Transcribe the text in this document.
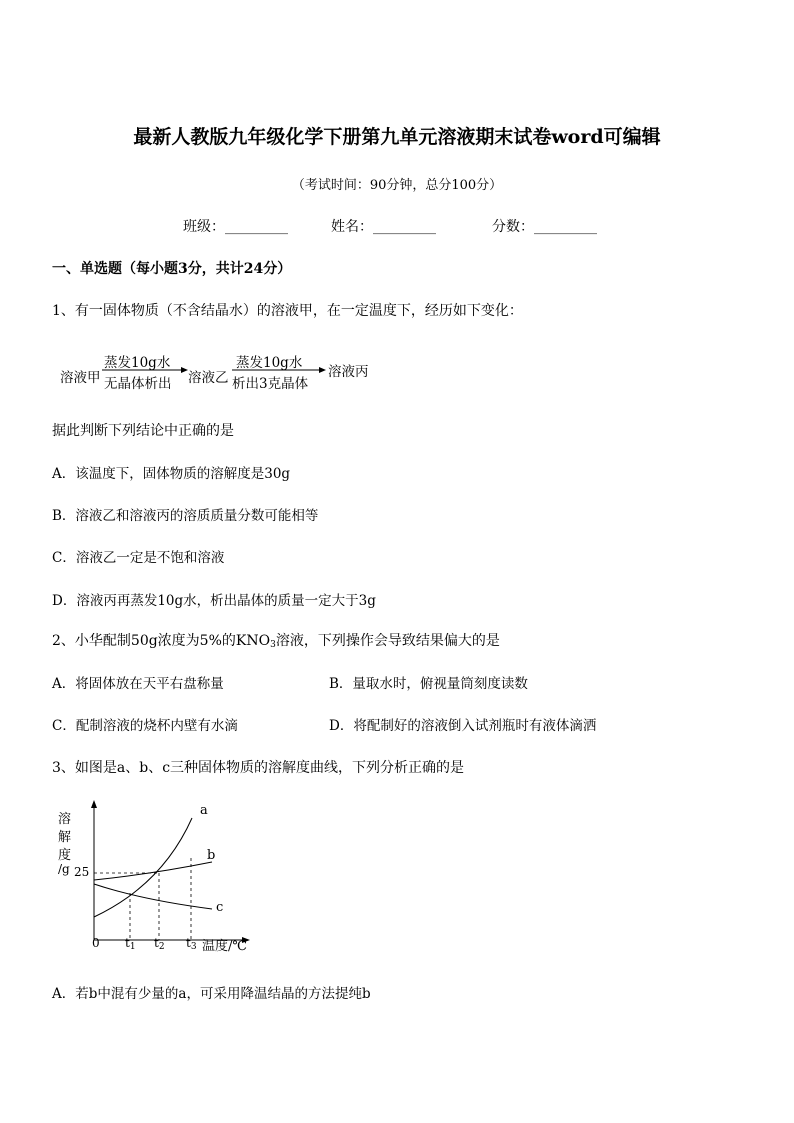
最新人教版九年级化学下册第九单元溶液期末试卷word可编辑
（考试时间：90分钟，总分100分）
班级：_________	姓名：_________	分数：_________
一、单选题（每小题3分，共计24分）
1、有一固体物质（不含结晶水）的溶液甲，在一定温度下，经历如下变化：
溶液甲
蒸发10g水
无晶体析出 溶液乙
蒸发10g水
析出3克晶体
溶液丙
据此判断下列结论中正确的是
A．该温度下，固体物质的溶解度是30g
B．溶液乙和溶液丙的溶质质量分数可能相等
C．溶液乙一定是不饱和溶液
D．溶液丙再蒸发10g水，析出晶体的质量一定大于3g
2、小华配制50g浓度为5%的$KNO_3$溶液，下列操作会导致结果偏大的是
A．将固体放在天平右盘称量	B．量取水时，俯视量筒刻度读数
C．配制溶液的烧杯内壁有水滴	D．将配制好的溶液倒入试剂瓶时有液体滴洒
3、如图是a、b、c三种固体物质的溶解度曲线，下列分析正确的是
溶
解
度
/g 25
0 $t_1$ $t_2$ $t_3$ 温度/℃
a
b
c
A．若b中混有少量的a，可采用降温结晶的方法提纯b
